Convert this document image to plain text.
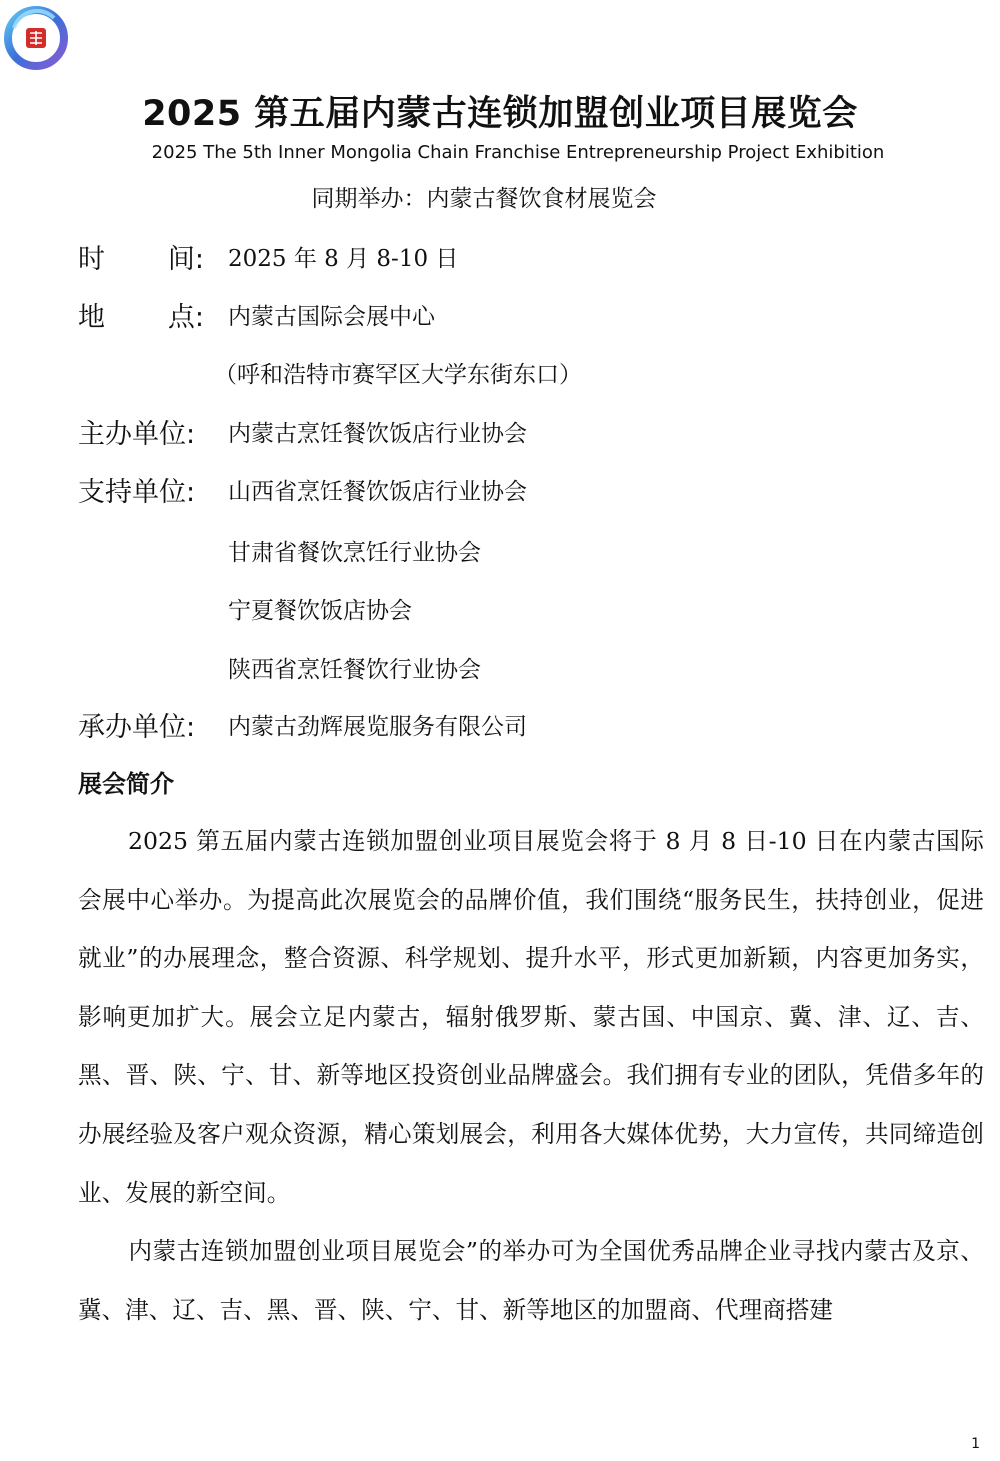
2025 第五届内蒙古连锁加盟创业项目展览会
2025 The 5th Inner Mongolia Chain Franchise Entrepreneurship Project Exhibition
同期举办：内蒙古餐饮食材展览会
时 间: 2025 年 8 月 8-10 日
地 点: 内蒙古国际会展中心
（呼和浩特市赛罕区大学东街东口）
主办单位:	内蒙古烹饪餐饮饭店行业协会
支持单位:	山西省烹饪餐饮饭店行业协会
甘肃省餐饮烹饪行业协会
宁夏餐饮饭店协会
陕西省烹饪餐饮行业协会
承办单位:	内蒙古劲辉展览服务有限公司
展会简介

2025 第五届内蒙古连锁加盟创业项目展览会将于 8 月 8 日-10 日在内蒙古国际会展中心举办。为提高此次展览会的品牌价值，我们围绕“服务民生，扶持创业，促进就业”的办展理念，整合资源、科学规划、提升水平，形式更加新颖，内容更加务实，影响更加扩大。展会立足内蒙古，辐射俄罗斯、蒙古国、中国京、冀、津、辽、吉、黑、晋、陕、宁、甘、新等地区投资创业品牌盛会。我们拥有专业的团队，凭借多年的办展经验及客户观众资源，精心策划展会，利用各大媒体优势，大力宣传，共同缔造创业、发展的新空间。

内蒙古连锁加盟创业项目展览会”的举办可为全国优秀品牌企业寻找内蒙古及京、冀、津、辽、吉、黑、晋、陕、宁、甘、新等地区的加盟商、代理商搭建

1
